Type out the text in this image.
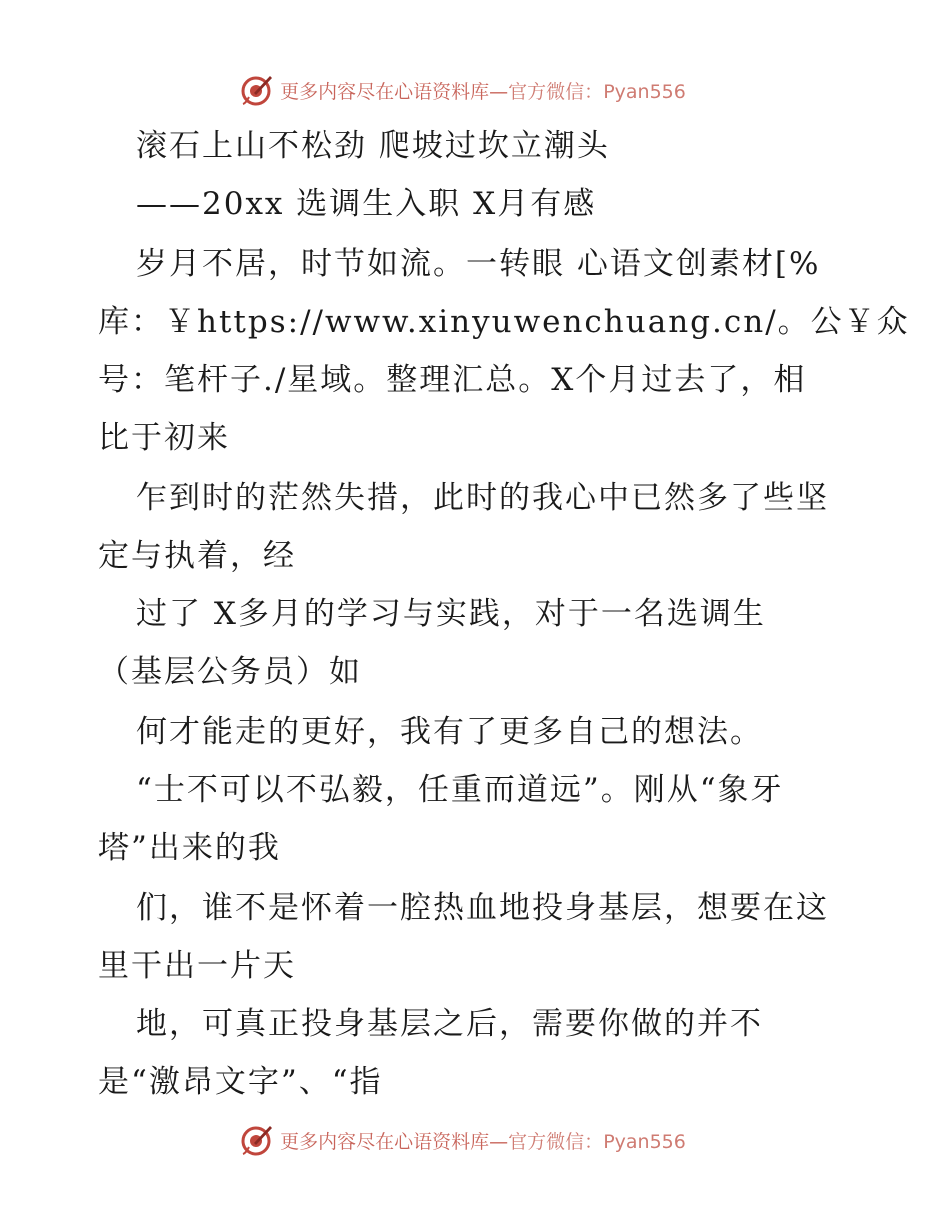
更多内容尽在心语资料库—官方微信：Pyan556
滚石上山不松劲 爬坡过坎立潮头
——20xx 选调生入职 X月有感
岁月不居，时节如流。一转眼 心语文创素材[%
库：￥https://www.xinyuwenchuang.cn/。公￥众
号：笔杆子./星域。整理汇总。X个月过去了，相
比于初来
乍到时的茫然失措，此时的我心中已然多了些坚
定与执着，经
过了 X多月的学习与实践，对于一名选调生
（基层公务员）如
何才能走的更好，我有了更多自己的想法。
“士不可以不弘毅，任重而道远”。刚从“象牙
塔”出来的我
们，谁不是怀着一腔热血地投身基层，想要在这
里干出一片天
地，可真正投身基层之后，需要你做的并不
是“激昂文字”、“指
更多内容尽在心语资料库—官方微信：Pyan556
